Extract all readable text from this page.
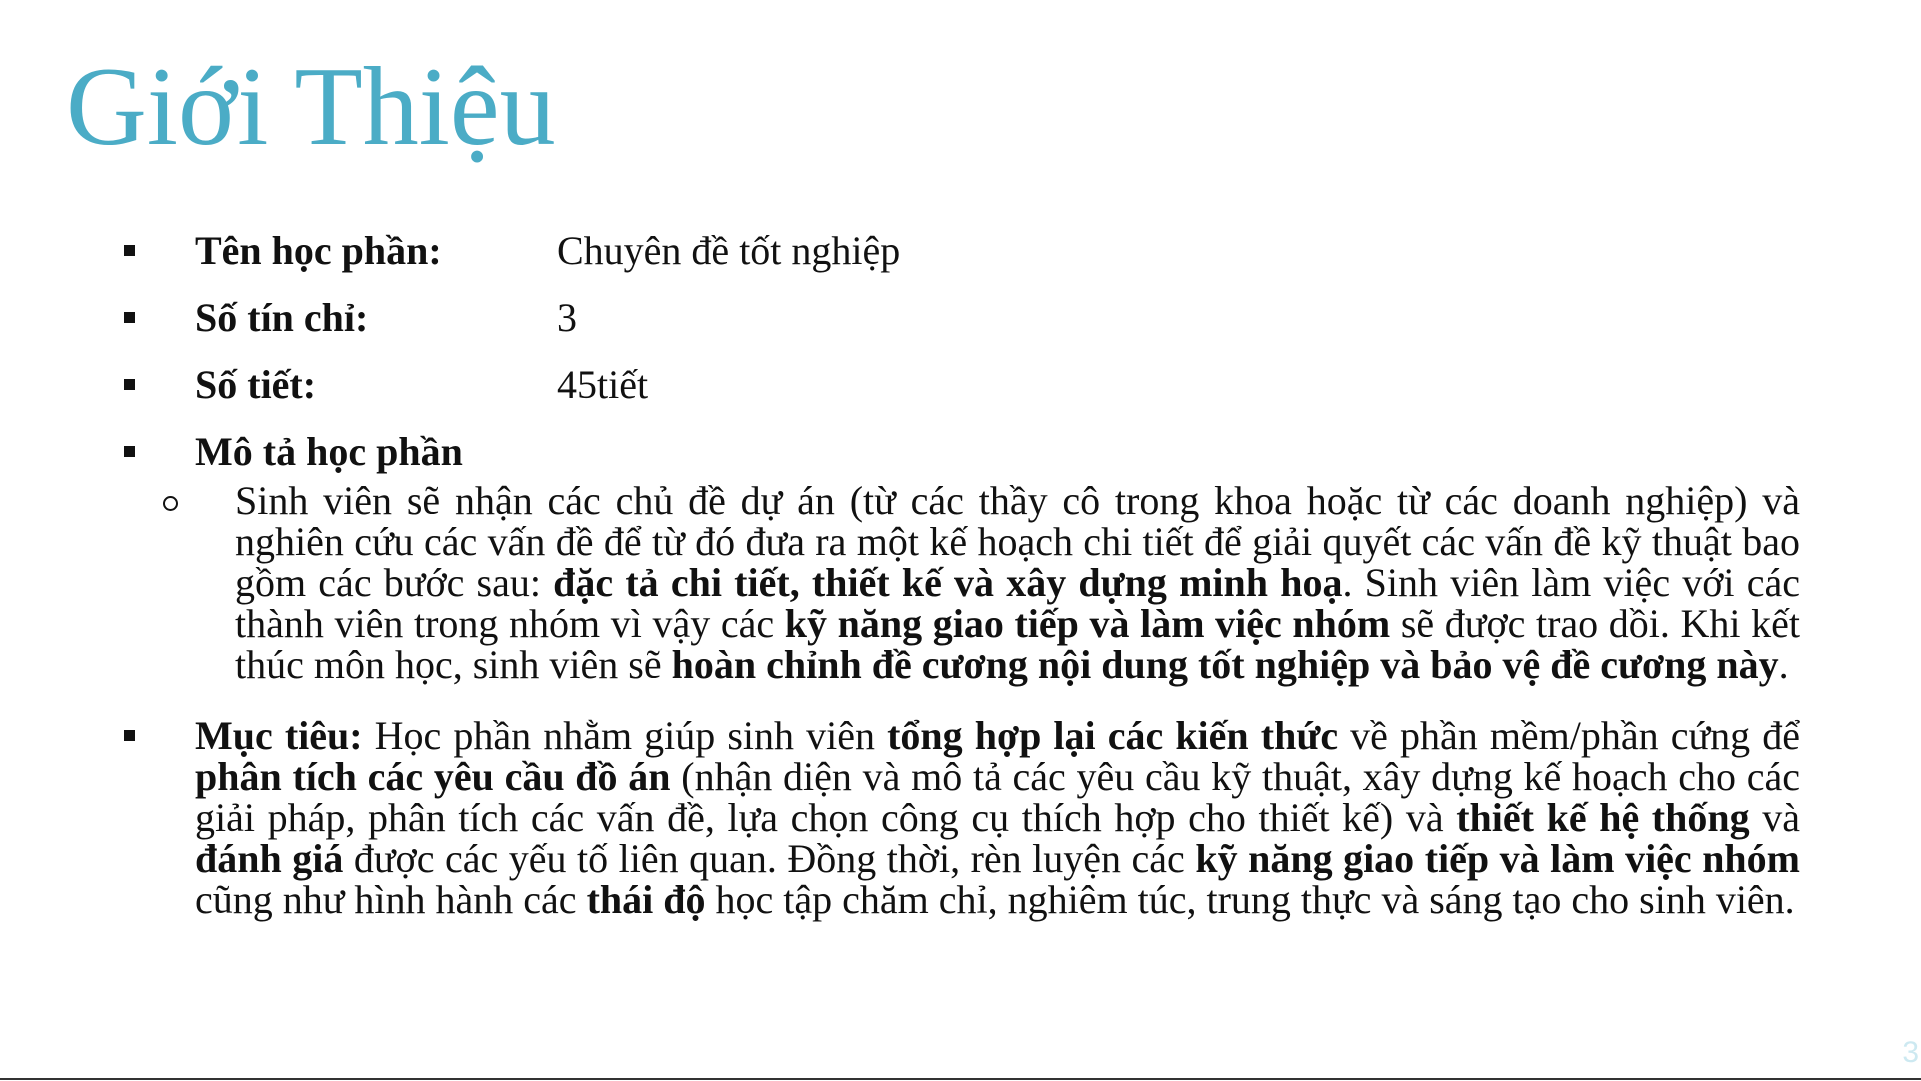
Giới Thiệu
Tên học phần:	Chuyên đề tốt nghiệp
Số tín chỉ:	3
Số tiết:	45tiết
Mô tả học phần
Sinh viên sẽ nhận các chủ đề dự án (từ các thầy cô trong khoa hoặc từ các doanh nghiệp) và nghiên cứu các vấn đề để từ đó đưa ra một kế hoạch chi tiết để giải quyết các vấn đề kỹ thuật bao gồm các bước sau: đặc tả chi tiết, thiết kế và xây dựng minh hoạ. Sinh viên làm việc với các thành viên trong nhóm vì vậy các kỹ năng giao tiếp và làm việc nhóm sẽ được trao dồi. Khi kết thúc môn học, sinh viên sẽ hoàn chỉnh đề cương nội dung tốt nghiệp và bảo vệ đề cương này.
Mục tiêu: Học phần nhằm giúp sinh viên tổng hợp lại các kiến thức về phần mềm/phần cứng để phân tích các yêu cầu đồ án (nhận diện và mô tả các yêu cầu kỹ thuật, xây dựng kế hoạch cho các giải pháp, phân tích các vấn đề, lựa chọn công cụ thích hợp cho thiết kế) và thiết kế hệ thống và đánh giá được các yếu tố liên quan. Đồng thời, rèn luyện các kỹ năng giao tiếp và làm việc nhóm cũng như hình hành các thái độ học tập chăm chỉ, nghiêm túc, trung thực và sáng tạo cho sinh viên.
3
